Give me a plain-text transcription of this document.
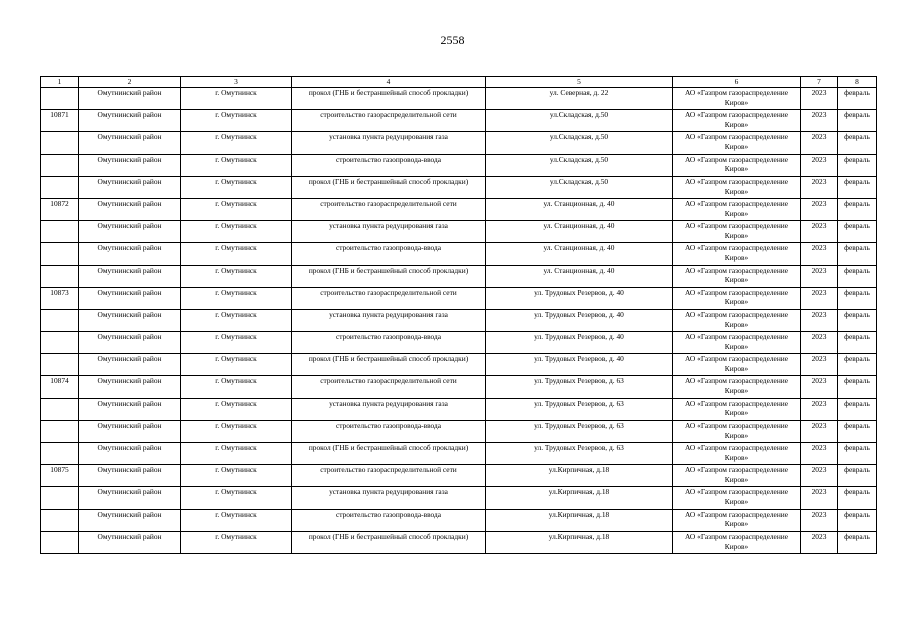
2558
1	2	3	4	5	6	7	8
	Омутнинский район	г. Омутнинск	прокол (ГНБ и бестраншейный способ прокладки)	ул. Северная, д. 22	АО «Газпром газораспределение Киров»	2023	февраль
10871	Омутнинский район	г. Омутнинск	строительство газораспределительной сети	ул.Складская, д.50	АО «Газпром газораспределение Киров»	2023	февраль
	Омутнинский район	г. Омутнинск	установка пункта редуцирования газа	ул.Складская, д.50	АО «Газпром газораспределение Киров»	2023	февраль
	Омутнинский район	г. Омутнинск	строительство газопровода-ввода	ул.Складская, д.50	АО «Газпром газораспределение Киров»	2023	февраль
	Омутнинский район	г. Омутнинск	прокол (ГНБ и бестраншейный способ прокладки)	ул.Складская, д.50	АО «Газпром газораспределение Киров»	2023	февраль
10872	Омутнинский район	г. Омутнинск	строительство газораспределительной сети	ул. Станционная, д. 40	АО «Газпром газораспределение Киров»	2023	февраль
	Омутнинский район	г. Омутнинск	установка пункта редуцирования газа	ул. Станционная, д. 40	АО «Газпром газораспределение Киров»	2023	февраль
	Омутнинский район	г. Омутнинск	строительство газопровода-ввода	ул. Станционная, д. 40	АО «Газпром газораспределение Киров»	2023	февраль
	Омутнинский район	г. Омутнинск	прокол (ГНБ и бестраншейный способ прокладки)	ул. Станционная, д. 40	АО «Газпром газораспределение Киров»	2023	февраль
10873	Омутнинский район	г. Омутнинск	строительство газораспределительной сети	ул. Трудовых Резервов, д. 40	АО «Газпром газораспределение Киров»	2023	февраль
	Омутнинский район	г. Омутнинск	установка пункта редуцирования газа	ул. Трудовых Резервов, д. 40	АО «Газпром газораспределение Киров»	2023	февраль
	Омутнинский район	г. Омутнинск	строительство газопровода-ввода	ул. Трудовых Резервов, д. 40	АО «Газпром газораспределение Киров»	2023	февраль
	Омутнинский район	г. Омутнинск	прокол (ГНБ и бестраншейный способ прокладки)	ул. Трудовых Резервов, д. 40	АО «Газпром газораспределение Киров»	2023	февраль
10874	Омутнинский район	г. Омутнинск	строительство газораспределительной сети	ул. Трудовых Резервов, д. 63	АО «Газпром газораспределение Киров»	2023	февраль
	Омутнинский район	г. Омутнинск	установка пункта редуцирования газа	ул. Трудовых Резервов, д. 63	АО «Газпром газораспределение Киров»	2023	февраль
	Омутнинский район	г. Омутнинск	строительство газопровода-ввода	ул. Трудовых Резервов, д. 63	АО «Газпром газораспределение Киров»	2023	февраль
	Омутнинский район	г. Омутнинск	прокол (ГНБ и бестраншейный способ прокладки)	ул. Трудовых Резервов, д. 63	АО «Газпром газораспределение Киров»	2023	февраль
10875	Омутнинский район	г. Омутнинск	строительство газораспределительной сети	ул.Кирпичная, д.18	АО «Газпром газораспределение Киров»	2023	февраль
	Омутнинский район	г. Омутнинск	установка пункта редуцирования газа	ул.Кирпичная, д.18	АО «Газпром газораспределение Киров»	2023	февраль
	Омутнинский район	г. Омутнинск	строительство газопровода-ввода	ул.Кирпичная, д.18	АО «Газпром газораспределение Киров»	2023	февраль
	Омутнинский район	г. Омутнинск	прокол (ГНБ и бестраншейный способ прокладки)	ул.Кирпичная, д.18	АО «Газпром газораспределение Киров»	2023	февраль
